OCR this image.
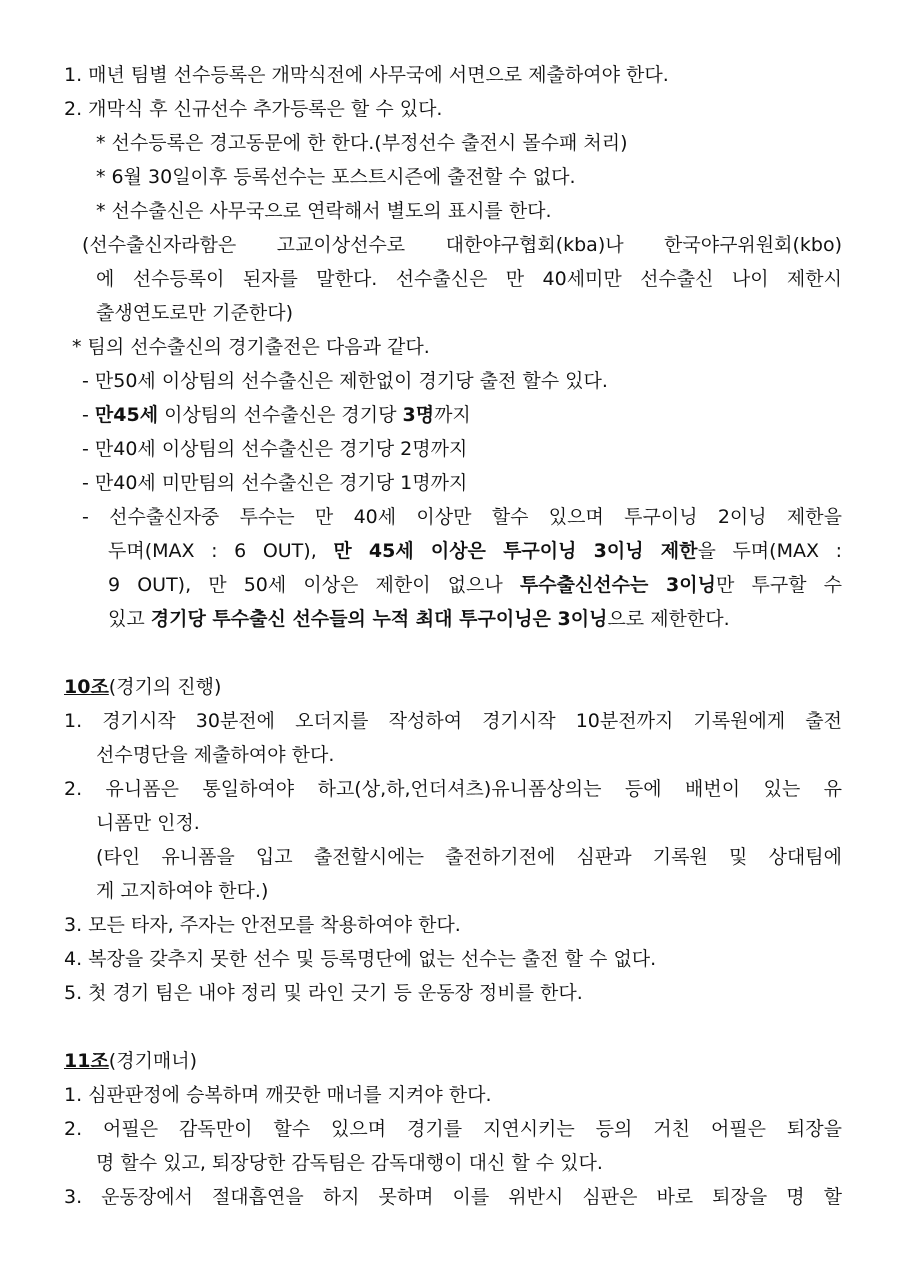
1. 매년 팀별 선수등록은 개막식전에 사무국에 서면으로 제출하여야 한다.
2. 개막식 후 신규선수 추가등록은 할 수 있다.
* 선수등록은 경고동문에 한 한다.(부정선수 출전시 몰수패 처리)
* 6월 30일이후 등록선수는 포스트시즌에 출전할 수 없다.
* 선수출신은 사무국으로 연락해서 별도의 표시를 한다.
(선수출신자라함은 고교이상선수로 대한야구협회(kba)나 한국야구위원회(kbo)
에 선수등록이 된자를 말한다. 선수출신은 만 40세미만 선수출신 나이 제한시
출생연도로만 기준한다)
* 팀의 선수출신의 경기출전은 다음과 같다.
- 만50세 이상팀의 선수출신은 제한없이 경기당 출전 할수 있다.
- 만45세 이상팀의 선수출신은 경기당 3명까지
- 만40세 이상팀의 선수출신은 경기당 2명까지
- 만40세 미만팀의 선수출신은 경기당 1명까지
- 선수출신자중 투수는 만 40세 이상만 할수 있으며 투구이닝 2이닝 제한을
두며(MAX : 6 OUT), 만 45세 이상은 투구이닝 3이닝 제한을 두며(MAX :
9 OUT), 만 50세 이상은 제한이 없으나 투수출신선수는 3이닝만 투구할 수
있고 경기당 투수출신 선수들의 누적 최대 투구이닝은 3이닝으로 제한한다.
10조(경기의 진행)
1. 경기시작 30분전에 오더지를 작성하여 경기시작 10분전까지 기록원에게 출전
선수명단을 제출하여야 한다.
2. 유니폼은 통일하여야 하고(상,하,언더셔츠)유니폼상의는 등에 배번이 있는 유
니폼만 인정.
(타인 유니폼을 입고 출전할시에는 출전하기전에 심판과 기록원 및 상대팀에
게 고지하여야 한다.)
3. 모든 타자, 주자는 안전모를 착용하여야 한다.
4. 복장을 갖추지 못한 선수 및 등록명단에 없는 선수는 출전 할 수 없다.
5. 첫 경기 팀은 내야 정리 및 라인 긋기 등 운동장 정비를 한다.
11조(경기매너)
1. 심판판정에 승복하며 깨끗한 매너를 지켜야 한다.
2. 어필은 감독만이 할수 있으며 경기를 지연시키는 등의 거친 어필은 퇴장을
명 할수 있고, 퇴장당한 감독팀은 감독대행이 대신 할 수 있다.
3. 운동장에서 절대흡연을 하지 못하며 이를 위반시 심판은 바로 퇴장을 명 할
